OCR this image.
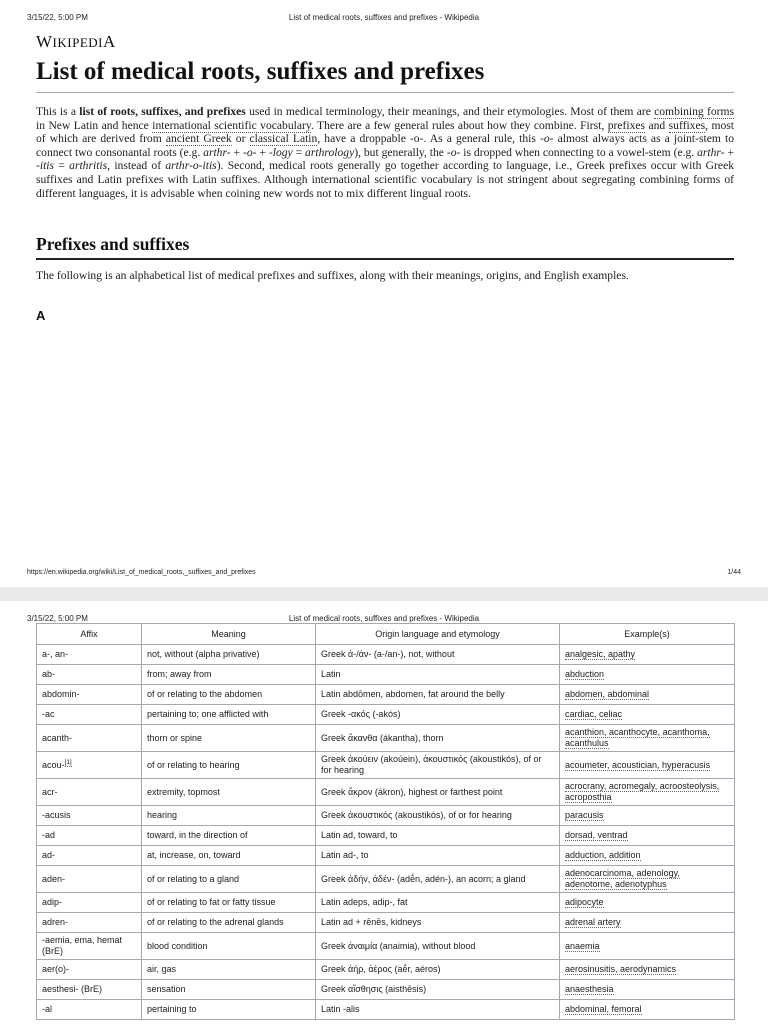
3/15/22, 5:00 PM	List of medical roots, suffixes and prefixes - Wikipedia
WIKIPEDIA
List of medical roots, suffixes and prefixes

This is a list of roots, suffixes, and prefixes used in medical terminology, their meanings, and their etymologies. Most of them are combining forms in New Latin and hence international scientific vocabulary. There are a few general rules about how they combine. First, prefixes and suffixes, most of which are derived from ancient Greek or classical Latin, have a droppable -o-. As a general rule, this -o- almost always acts as a joint-stem to connect two consonantal roots (e.g. arthr- + -o- + -logy = arthrology), but generally, the -o- is dropped when connecting to a vowel-stem (e.g. arthr- + -itis = arthritis, instead of arthr-o-itis). Second, medical roots generally go together according to language, i.e., Greek prefixes occur with Greek suffixes and Latin prefixes with Latin suffixes. Although international scientific vocabulary is not stringent about segregating combining forms of different languages, it is advisable when coining new words not to mix different lingual roots.

Prefixes and suffixes

The following is an alphabetical list of medical prefixes and suffixes, along with their meanings, origins, and English examples.

A
https://en.wikipedia.org/wiki/List_of_medical_roots,_suffixes_and_prefixes	1/44
3/15/22, 5:00 PM	List of medical roots, suffixes and prefixes - Wikipedia
Affix	Meaning	Origin language and etymology	Example(s)
a-, an-	not, without (alpha privative)	Greek ἀ-/ἀν- (a-/an-), not, without	analgesic, apathy
ab-	from; away from	Latin	abduction
abdomin-	of or relating to the abdomen	Latin abdōmen, abdomen, fat around the belly	abdomen, abdominal
-ac	pertaining to; one afflicted with	Greek -ακός (-akós)	cardiac, celiac
acanth-	thorn or spine	Greek ἄκανθα (ákantha), thorn	acanthion, acanthocyte, acanthoma, acanthulus
acou-[1]	of or relating to hearing	Greek ἀκούειν (akoúein), ἀκουστικός (akoustikós), of or for hearing	acoumeter, acoustician, hyperacusis
acr-	extremity, topmost	Greek ἄκρον (ákron), highest or farthest point	acrocrany, acromegaly, acroosteolysis, acroposthia
-acusis	hearing	Greek ἀκουστικός (akoustikós), of or for hearing	paracusis
-ad	toward, in the direction of	Latin ad, toward, to	dorsad, ventrad
ad-	at, increase, on, toward	Latin ad-, to	adduction, addition
aden-	of or relating to a gland	Greek ἀδήν, ἀδέν- (adḗn, adén-), an acorn; a gland	adenocarcinoma, adenology, adenotome, adenotyphus
adip-	of or relating to fat or fatty tissue	Latin adeps, adip-, fat	adipocyte
adren-	of or relating to the adrenal glands	Latin ad + rēnēs, kidneys	adrenal artery
-aemia, ema, hemat (BrE)	blood condition	Greek ἀναιμία (anaimia), without blood	anaemia
aer(o)-	air, gas	Greek ἀήρ, ἀέρος (aḗr, aéros)	aerosinusitis, aerodynamics
aesthesi- (BrE)	sensation	Greek αἴσθησις (aisthēsis)	anaesthesia
-al	pertaining to	Latin -alis	abdominal, femoral
